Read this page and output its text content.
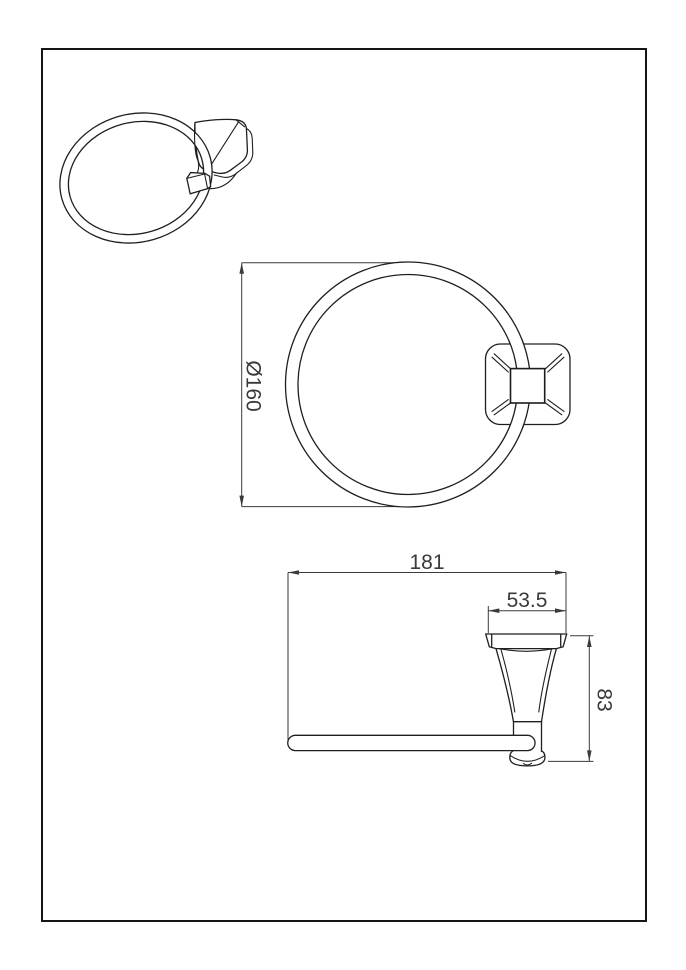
181
53.5
Ø160
83
